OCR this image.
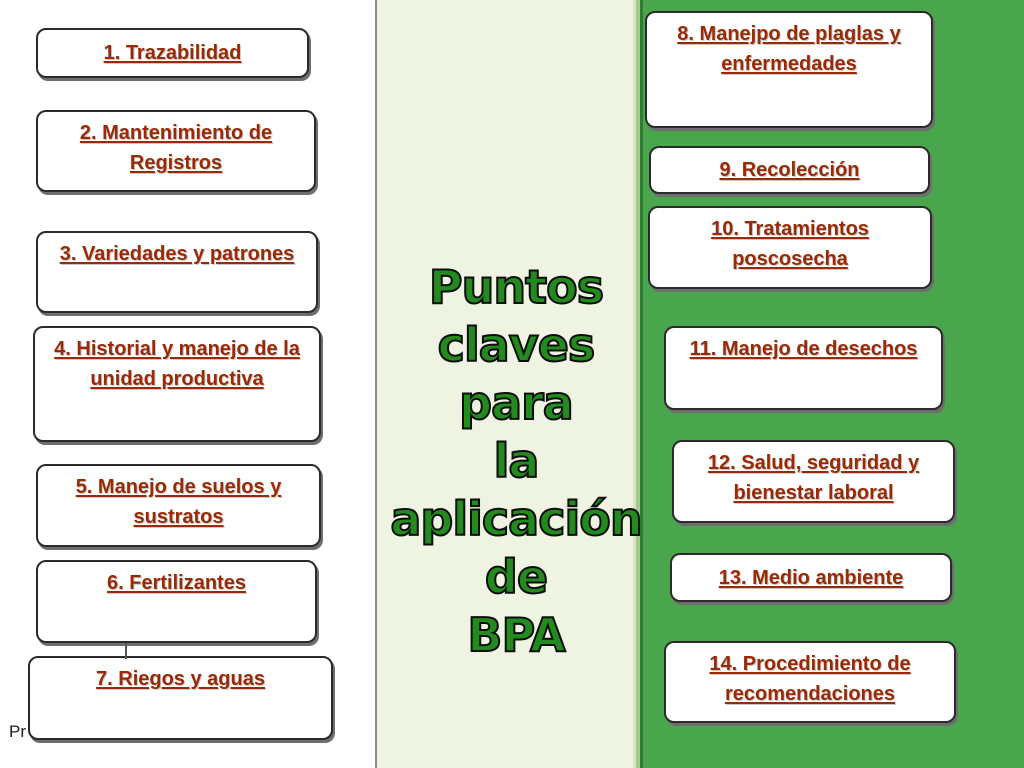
Puntos
claves
para
la
aplicación
de
BPA
1. Trazabilidad
2. Mantenimiento de Registros
3. Variedades y patrones
4. Historial y manejo de la unidad productiva
5. Manejo de suelos y sustratos
6. Fertilizantes
7. Riegos y aguas
8. Manejpo de plaglas y enfermedades
9. Recolección
10. Tratamientos poscosecha
11. Manejo de desechos
12. Salud, seguridad y bienestar laboral
13. Medio ambiente
14. Procedimiento de recomendaciones
Pr
